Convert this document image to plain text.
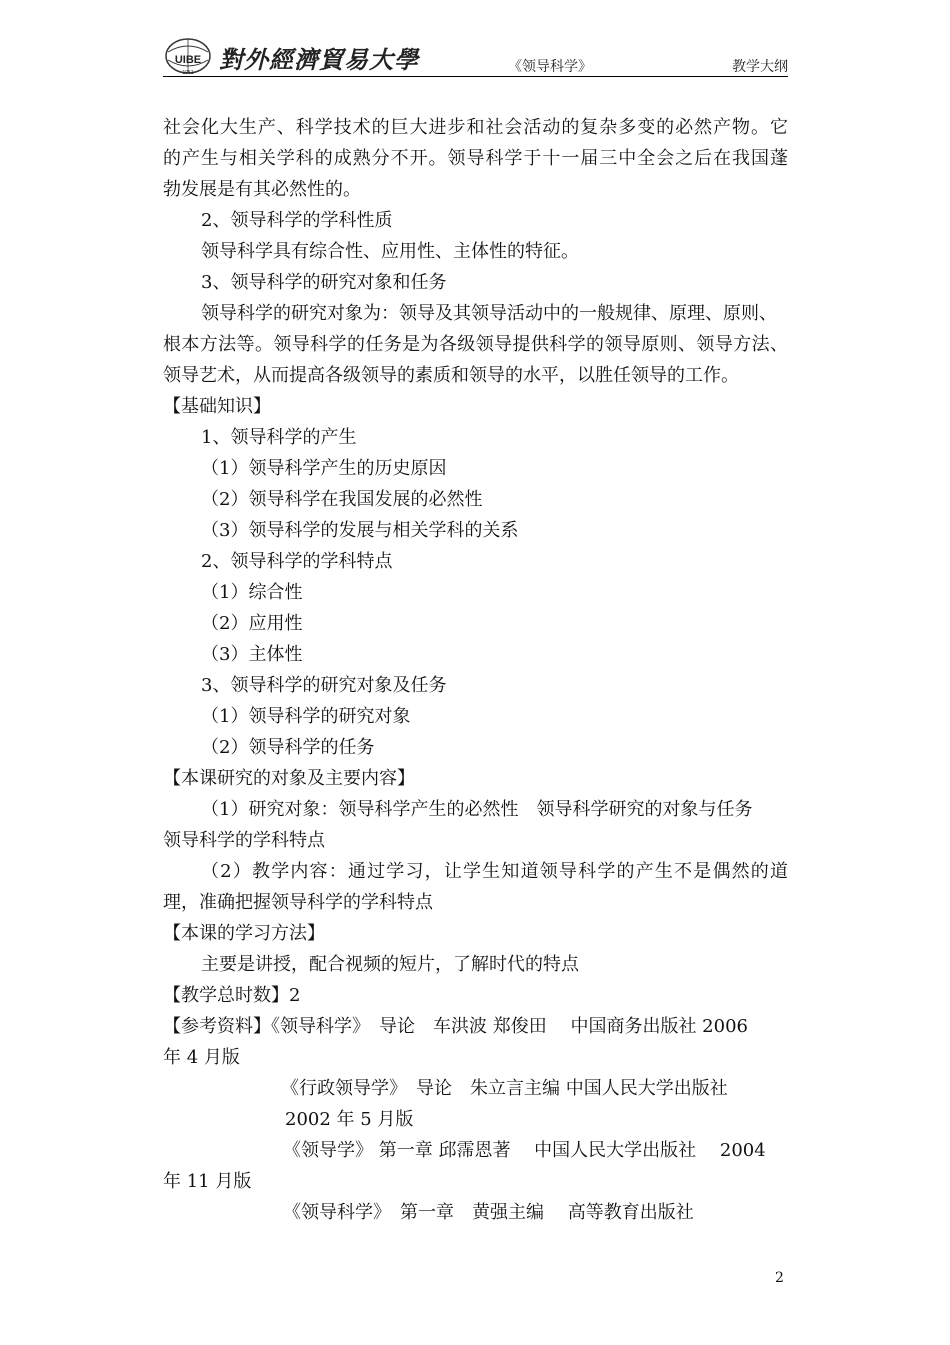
UIBE
1951 對外經濟貿易大學	《领导科学》	教学大纲

社会化大生产、科学技术的巨大进步和社会活动的复杂多变的必然产物。它

的产生与相关学科的成熟分不开。领导科学于十一届三中全会之后在我国蓬

勃发展是有其必然性的。

2、领导科学的学科性质

领导科学具有综合性、应用性、主体性的特征。

3、领导科学的研究对象和任务

领导科学的研究对象为：领导及其领导活动中的一般规律、原理、原则、

根本方法等。领导科学的任务是为各级领导提供科学的领导原则、领导方法、

领导艺术，从而提高各级领导的素质和领导的水平，以胜任领导的工作。

【基础知识】

1、领导科学的产生

（1）领导科学产生的历史原因

（2）领导科学在我国发展的必然性

（3）领导科学的发展与相关学科的关系

2、领导科学的学科特点

（1）综合性

（2）应用性

（3）主体性

3、领导科学的研究对象及任务

（1）领导科学的研究对象

（2）领导科学的任务

【本课研究的对象及主要内容】

（1）研究对象：领导科学产生的必然性　领导科学研究的对象与任务

领导科学的学科特点

（2）教学内容：通过学习，让学生知道领导科学的产生不是偶然的道

理，准确把握领导科学的学科特点

【本课的学习方法】

主要是讲授，配合视频的短片，了解时代的特点

【教学总时数】2

【参考资料】《领导科学》　导论　车洪波 郑俊田　 中国商务出版社 2006

年 4 月版

《行政领导学》　导论　朱立言主编 中国人民大学出版社

2002 年 5 月版

《领导学》 第一章 邱霈恩著　 中国人民大学出版社　 2004

年 11 月版

《领导科学》　第一章　黄强主编　 高等教育出版社

2
